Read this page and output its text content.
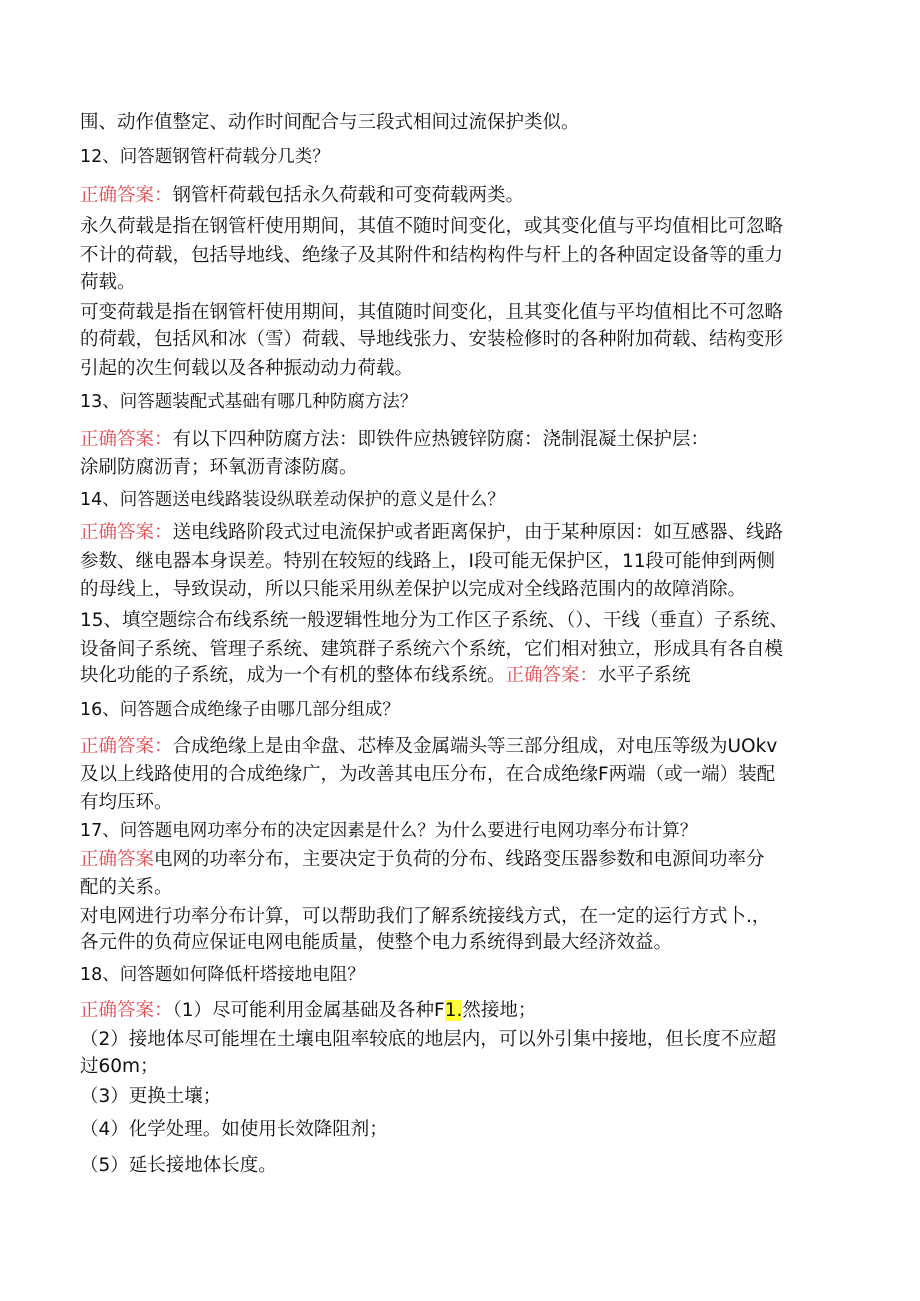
围、动作值整定、动作时间配合与三段式相间过流保护类似。
12、问答题钢管杆荷载分几类？
正确答案：钢管杆荷载包括永久荷载和可变荷载两类。
永久荷载是指在钢管杆使用期间，其值不随时间变化，或其变化值与平均值相比可忽略
不计的荷载，包括导地线、绝缘子及其附件和结构构件与杆上的各种固定设备等的重力
荷载。
可变荷载是指在钢管杆使用期间，其值随时间变化，且其变化值与平均值相比不可忽略
的荷载，包括风和冰（雪）荷载、导地线张力、安装检修时的各种附加荷载、结构变形
引起的次生何载以及各种振动动力荷载。
13、问答题装配式基础有哪几种防腐方法？
正确答案：有以下四种防腐方法：即铁件应热镀锌防腐：浇制混凝土保护层：
涂刷防腐沥青；环氧沥青漆防腐。
14、问答题送电线路装设纵联差动保护的意义是什么？
正确答案：送电线路阶段式过电流保护或者距离保护，由于某种原因：如互感器、线路
参数、继电器本身误差。特别在较短的线路上，I段可能无保护区，11段可能伸到两侧
的母线上，导致误动，所以只能采用纵差保护以完成对全线路范围内的故障消除。
15、填空题综合布线系统一般逻辑性地分为工作区子系统、（）、干线（垂直）子系统、
设备间子系统、管理子系统、建筑群子系统六个系统，它们相对独立，形成具有各自模
块化功能的子系统，成为一个有机的整体布线系统。正确答案：水平子系统
16、问答题合成绝缘子由哪几部分组成？
正确答案：合成绝缘上是由伞盘、芯棒及金属端头等三部分组成，对电压等级为UOkv
及以上线路使用的合成绝缘广，为改善其电压分布，在合成绝缘F两端（或一端）装配
有均压环。
17、问答题电网功率分布的决定因素是什么？为什么要进行电网功率分布计算？
正确答案电网的功率分布，主要决定于负荷的分布、线路变压器参数和电源间功率分
配的关系。
对电网进行功率分布计算，可以帮助我们了解系统接线方式，在一定的运行方式卜.，
各元件的负荷应保证电网电能质量，使整个电力系统得到最大经济效益。
18、问答题如何降低杆塔接地电阻？
正确答案：（1）尽可能利用金属基础及各种F1.然接地；
（2）接地体尽可能埋在土壤电阻率较底的地层内，可以外引集中接地，但长度不应超
过60m；
（3）更换土壤；
（4）化学处理。如使用长效降阻剂；
（5）延长接地体长度。
